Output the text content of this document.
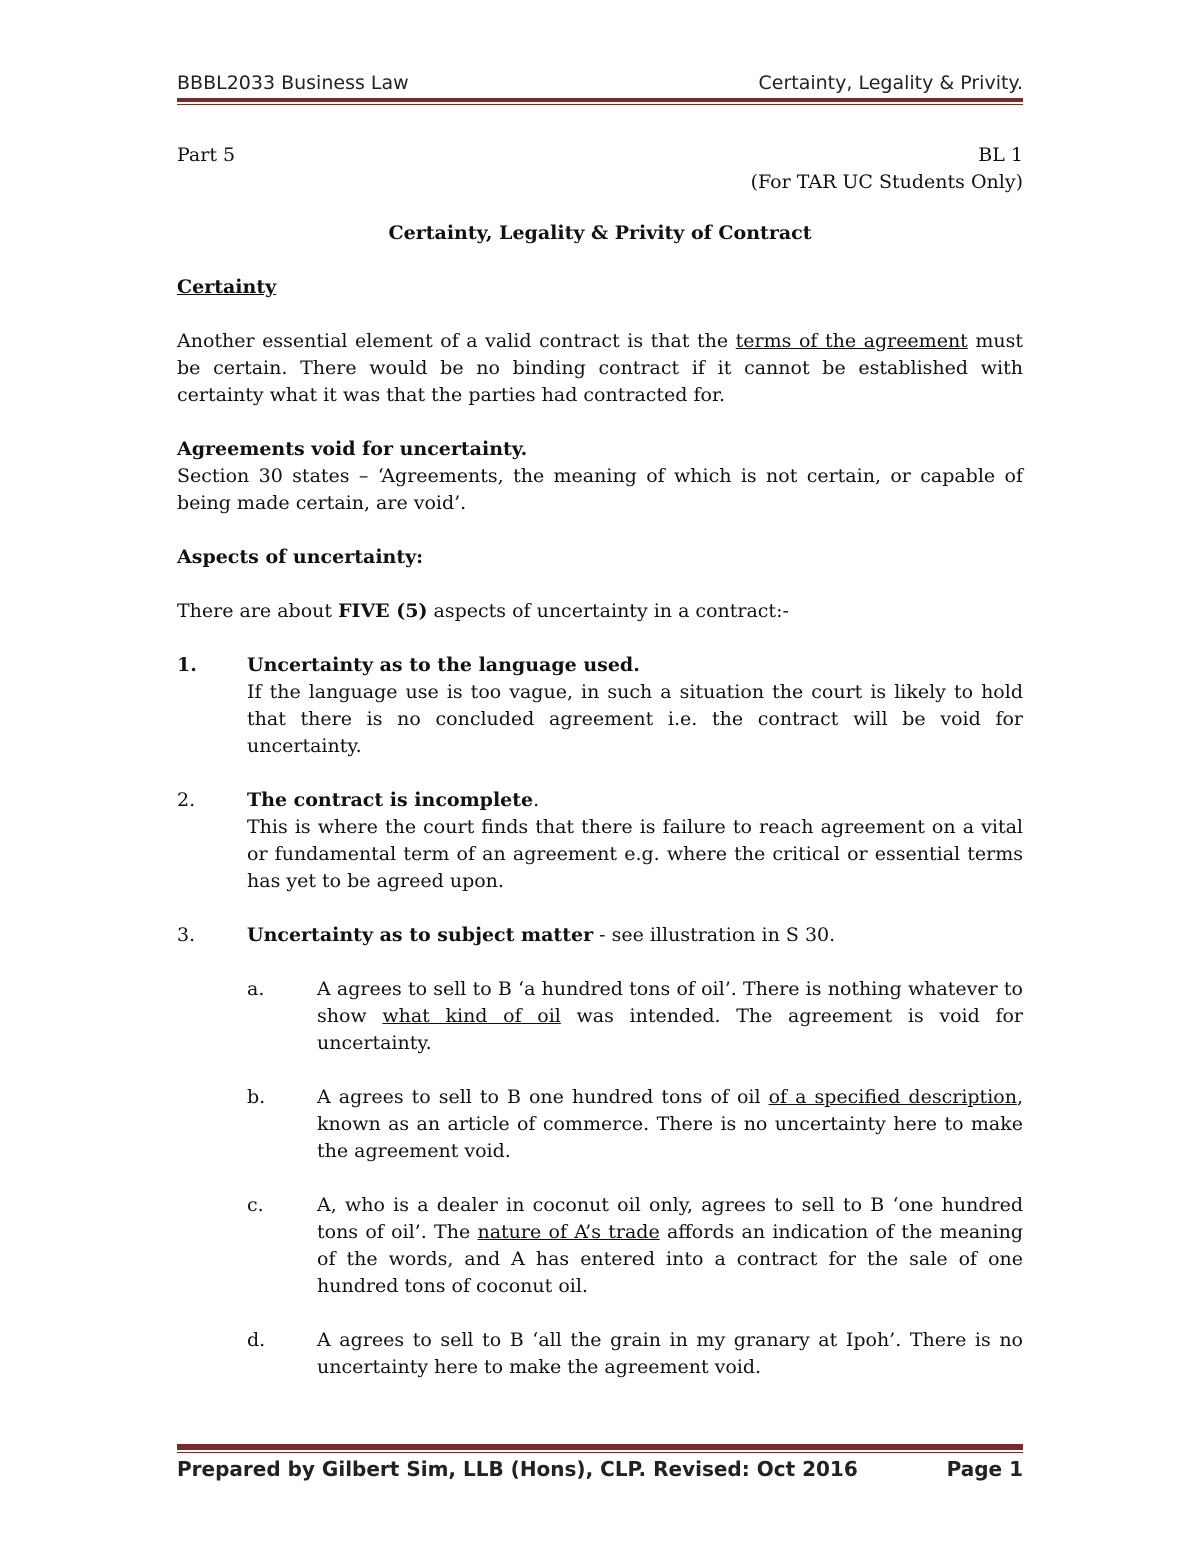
BBBL2033 Business Law	Certainty, Legality & Privity.
Part 5	BL 1

(For TAR UC Students Only)

Certainty, Legality & Privity of Contract

Certainty

Another essential element of a valid contract is that the terms of the agreement must be certain. There would be no binding contract if it cannot be established with certainty what it was that the parties had contracted for.

Agreements void for uncertainty.

Section 30 states – ‘Agreements, the meaning of which is not certain, or capable of being made certain, are void’.

Aspects of uncertainty:

There are about FIVE (5) aspects of uncertainty in a contract:-

1.	Uncertainty as to the language used.

If the language use is too vague, in such a situation the court is likely to hold that there is no concluded agreement i.e. the contract will be void for uncertainty.

2.	The contract is incomplete.

This is where the court finds that there is failure to reach agreement on a vital or fundamental term of an agreement e.g. where the critical or essential terms has yet to be agreed upon.

3.	Uncertainty as to subject matter - see illustration in S 30.

a.	A agrees to sell to B ‘a hundred tons of oil’. There is nothing whatever to show what kind of oil was intended. The agreement is void for uncertainty.

b.	A agrees to sell to B one hundred tons of oil of a specified description, known as an article of commerce. There is no uncertainty here to make the agreement void.

c.	A, who is a dealer in coconut oil only, agrees to sell to B ‘one hundred tons of oil’. The nature of A’s trade affords an indication of the meaning of the words, and A has entered into a contract for the sale of one hundred tons of coconut oil.

d.	A agrees to sell to B ‘all the grain in my granary at Ipoh’. There is no uncertainty here to make the agreement void.

Prepared by Gilbert Sim, LLB (Hons), CLP. Revised: Oct 2016	Page 1
